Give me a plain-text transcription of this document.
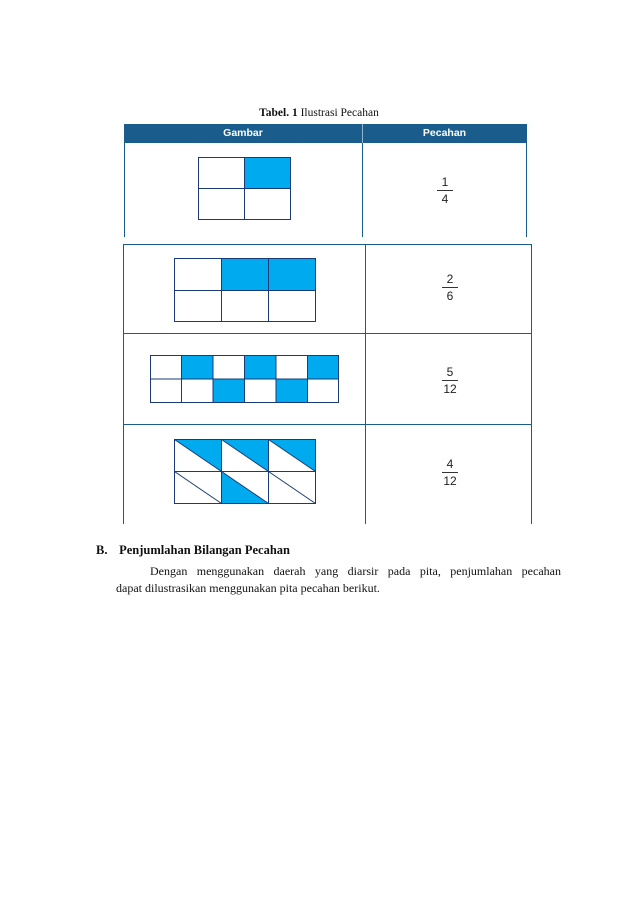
Tabel. 1 Ilustrasi Pecahan
Gambar	Pecahan
1
4
2
6
5
12
4
12
B. Penjumlahan Bilangan Pecahan
Dengan menggunakan daerah yang diarsir pada pita, penjumlahan pecahan
dapat dilustrasikan menggunakan pita pecahan berikut.
